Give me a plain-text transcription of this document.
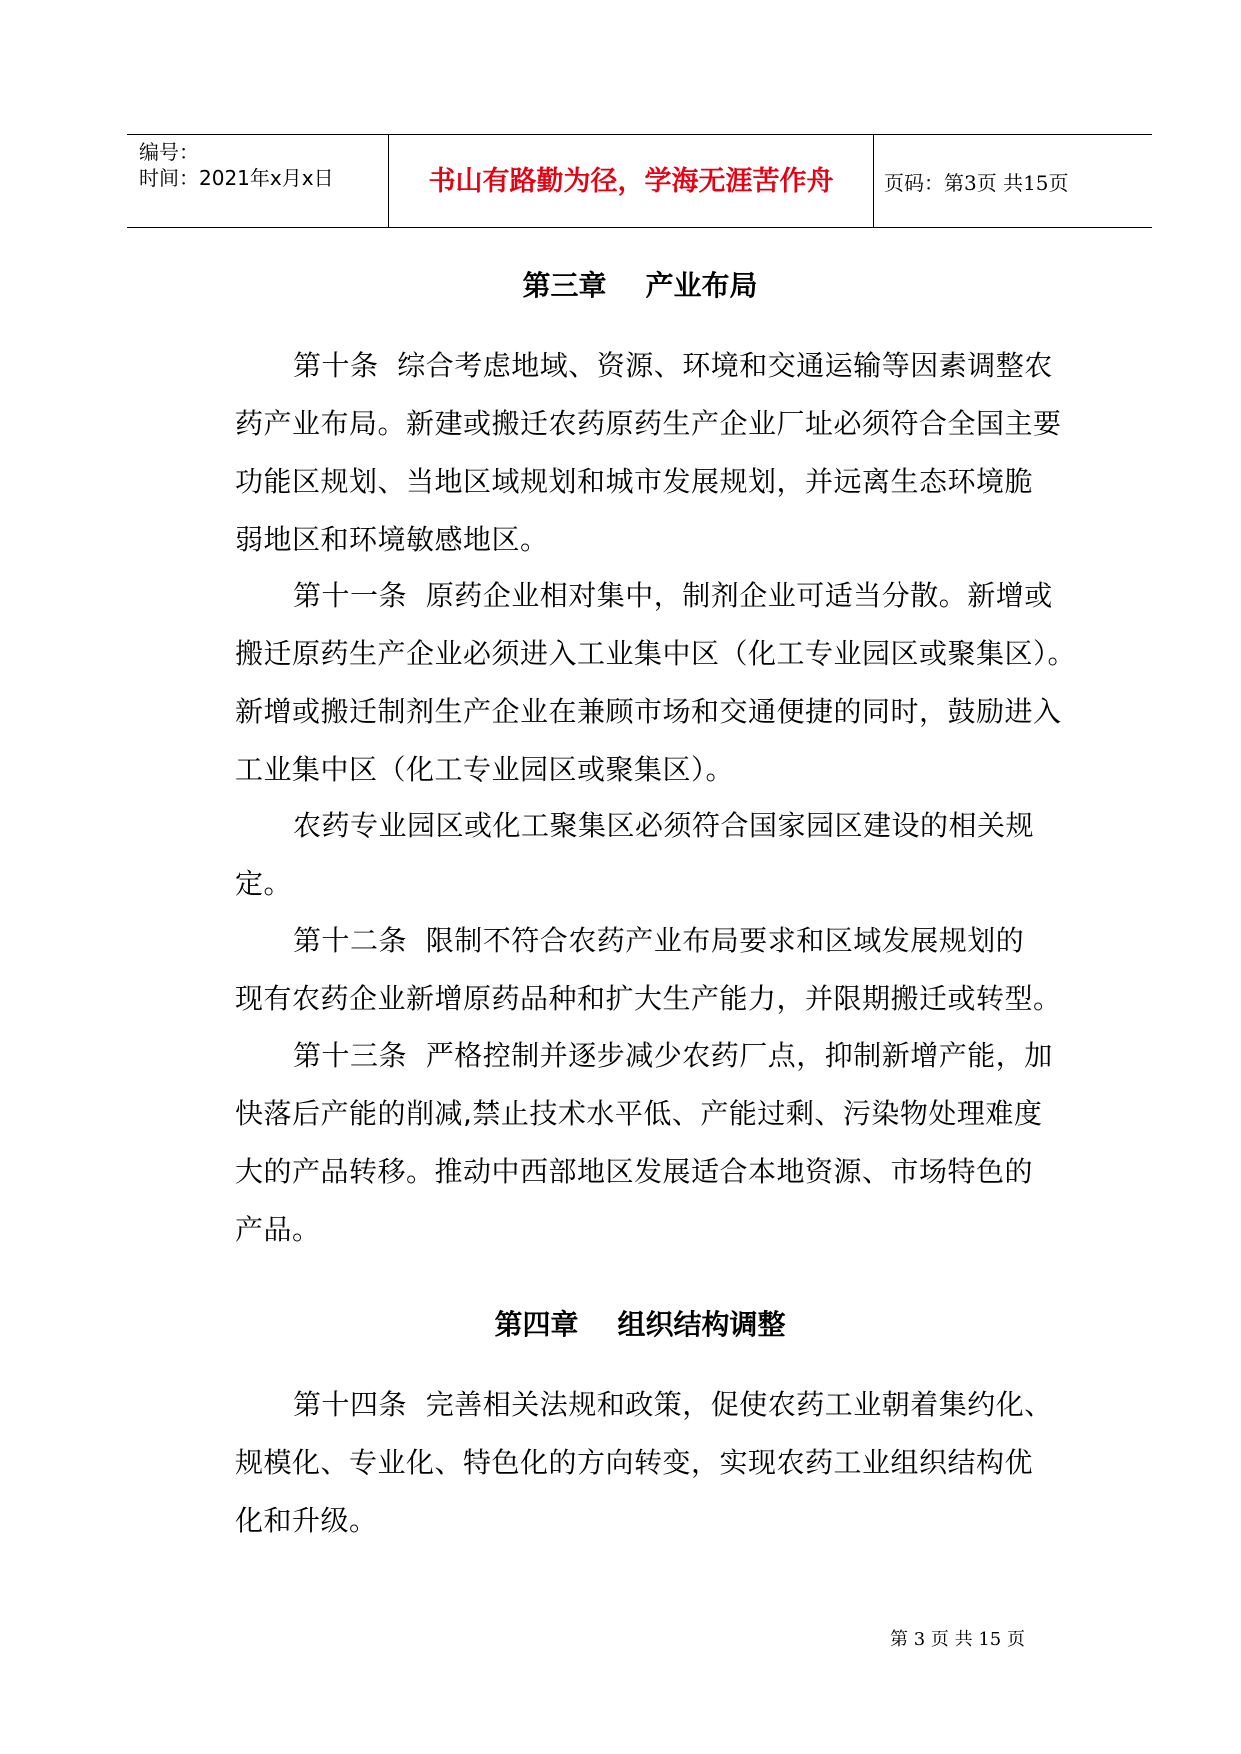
编号：
时间：2021年x月x日	书山有路勤为径，学海无涯苦作舟	页码：第3页 共15页
第三章    产业布局
第十条  综合考虑地域、资源、环境和交通运输等因素调整农
药产业布局。新建或搬迁农药原药生产企业厂址必须符合全国主要
功能区规划、当地区域规划和城市发展规划，并远离生态环境脆
弱地区和环境敏感地区。
第十一条  原药企业相对集中，制剂企业可适当分散。新增或
搬迁原药生产企业必须进入工业集中区（化工专业园区或聚集区）。
新增或搬迁制剂生产企业在兼顾市场和交通便捷的同时，鼓励进入
工业集中区（化工专业园区或聚集区）。
农药专业园区或化工聚集区必须符合国家园区建设的相关规
定。
第十二条  限制不符合农药产业布局要求和区域发展规划的
现有农药企业新增原药品种和扩大生产能力，并限期搬迁或转型。
第十三条  严格控制并逐步减少农药厂点，抑制新增产能，加
快落后产能的削减,禁止技术水平低、产能过剩、污染物处理难度
大的产品转移。推动中西部地区发展适合本地资源、市场特色的
产品。
第四章    组织结构调整
第十四条  完善相关法规和政策，促使农药工业朝着集约化、
规模化、专业化、特色化的方向转变，实现农药工业组织结构优
化和升级。
第 3 页 共 15 页
